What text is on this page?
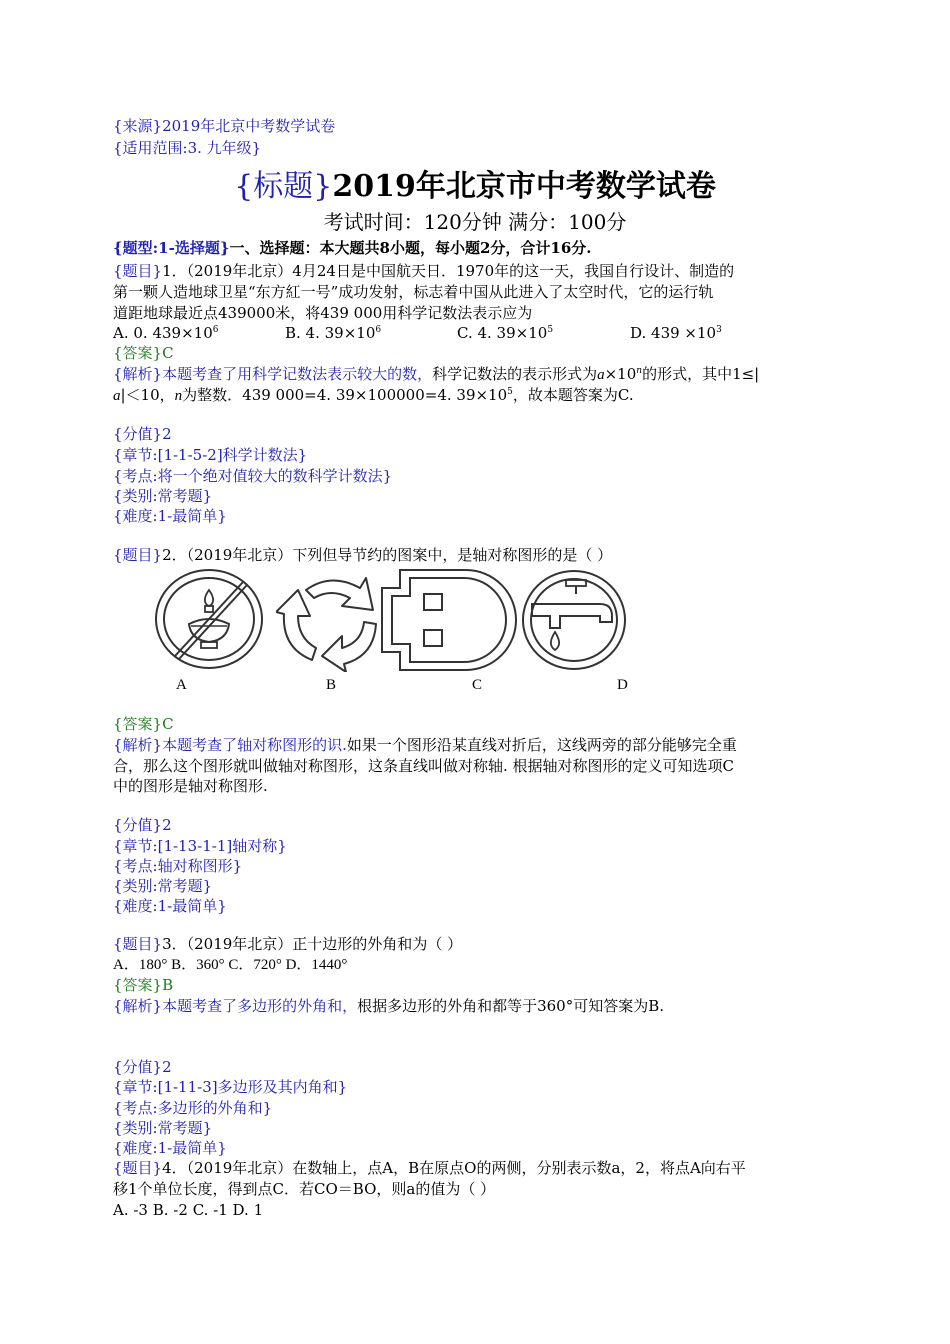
{来源}2019年北京中考数学试卷
{适用范围:3. 九年级}
{标题}2019年北京市中考数学试卷
考试时间：120分钟 满分：100分
{题型:1-选择题}一、选择题：本大题共8小题，每小题2分，合计16分.
{题目}1．（2019年北京）4月24日是中国航天日．1970年的这一天，我国自行设计、制造的
第一颗人造地球卫星“东方紅一号”成功发射，标志着中国从此进入了太空时代，它的运行轨
道距地球最近点439000米，将439 000用科学记数法表示应为
A. 0. $439\times 10^6$	B. 4. $39\times 10^6$	C. 4. $39\times 10^5$	D. $439 \times 10^3$
{答案}C
{解析}本题考查了用科学记数法表示较大的数，科学记数法的表示形式为$a\times 10^n$的形式，其中1≤|
a|＜10，n为整数．439 000=4. 39×100000=4. $39\times 10^5$，故本题答案为C.
{分值}2
{章节:[1-1-5-2]科学计数法}
{考点:将一个绝对值较大的数科学计数法}
{类别:常考题}
{难度:1-最简单}
{题目}2．（2019年北京）下列但导节约的图案中，是轴对称图形的是（ ）
A	B	C	D
{答案}C
{解析}本题考查了轴对称图形的识.如果一个图形沿某直线对折后，这线两旁的部分能够完全重
合，那么这个图形就叫做轴对称图形，这条直线叫做对称轴. 根据轴对称图形的定义可知选项C
中的图形是轴对称图形.
{分值}2
{章节:[1-13-1-1]轴对称}
{考点:轴对称图形}
{类别:常考题}
{难度:1-最简单}
{题目}3．（2019年北京）正十边形的外角和为（ ）
A．180° B．360° C．720° D．1440°
{答案}B
{解析}本题考查了多边形的外角和，根据多边形的外角和都等于360°可知答案为B.
{分值}2
{章节:[1-11-3]多边形及其内角和}
{考点:多边形的外角和}
{类别:常考题}
{难度:1-最简单}
{题目}4．（2019年北京）在数轴上，点A，B在原点O的两侧，分别表示数a，2，将点A向右平
移1个单位长度，得到点C．若CO＝BO，则a的值为（ ）
A. -3 B. -2 C. -1 D. 1
